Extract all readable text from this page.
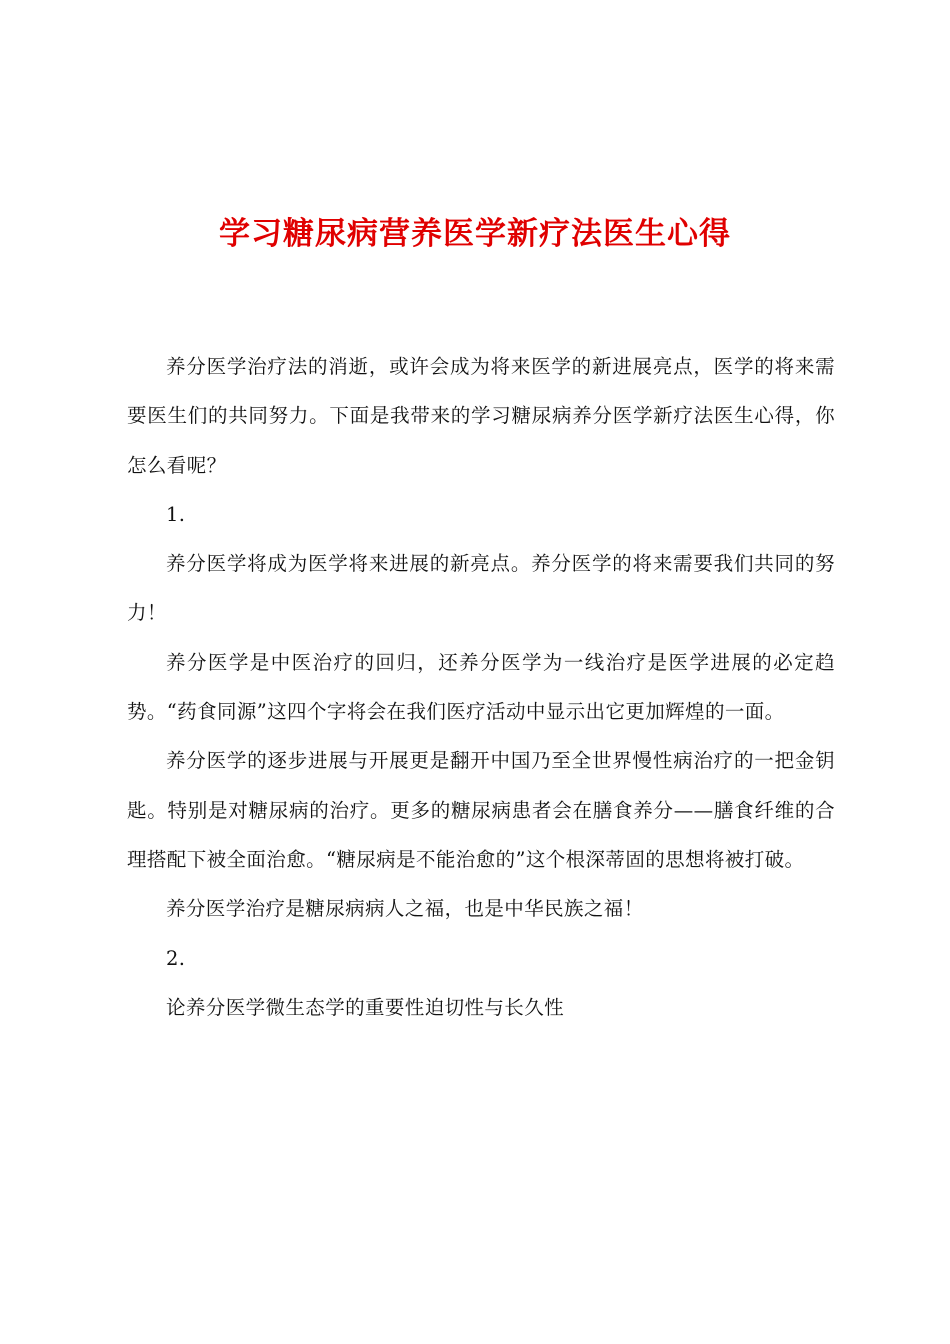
学习糖尿病营养医学新疗法医生心得

养分医学治疗法的消逝，或许会成为将来医学的新进展亮点，医学的将来需要医生们的共同努力。下面是我带来的学习糖尿病养分医学新疗法医生心得，你怎么看呢？

1.

养分医学将成为医学将来进展的新亮点。养分医学的将来需要我们共同的努力！

养分医学是中医治疗的回归，还养分医学为一线治疗是医学进展的必定趋势。“药食同源”这四个字将会在我们医疗活动中显示出它更加辉煌的一面。

养分医学的逐步进展与开展更是翻开中国乃至全世界慢性病治疗的一把金钥匙。特别是对糖尿病的治疗。更多的糖尿病患者会在膳食养分——膳食纤维的合理搭配下被全面治愈。“糖尿病是不能治愈的”这个根深蒂固的思想将被打破。

养分医学治疗是糖尿病病人之福，也是中华民族之福！

2.

论养分医学微生态学的重要性迫切性与长久性
